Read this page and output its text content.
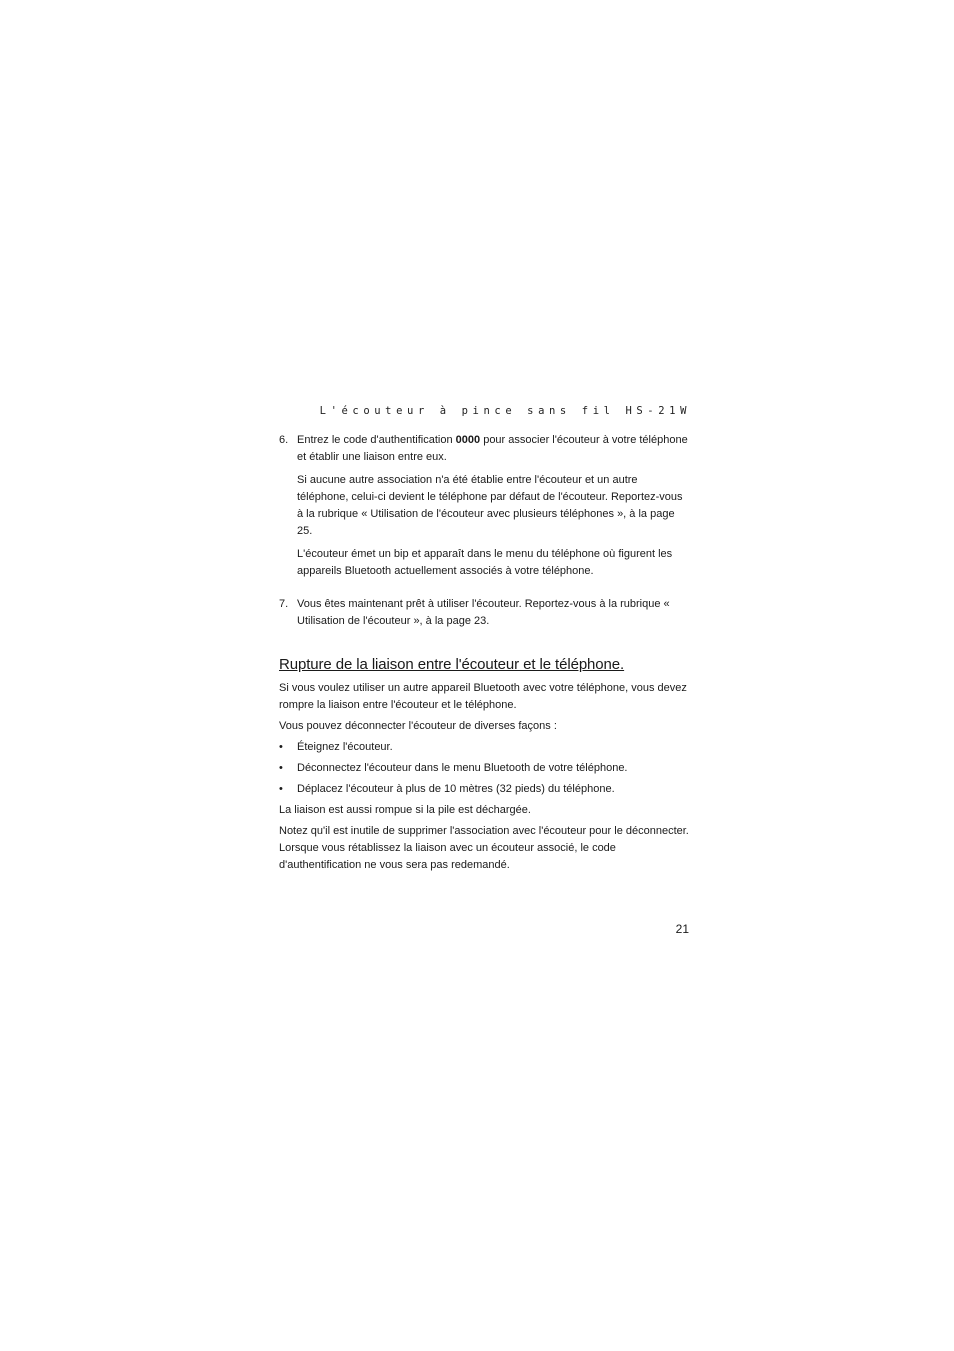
L'écouteur à pince sans fil HS-21W
6. Entrez le code d'authentification 0000 pour associer l'écouteur à votre téléphone et établir une liaison entre eux.

Si aucune autre association n'a été établie entre l'écouteur et un autre téléphone, celui-ci devient le téléphone par défaut de l'écouteur. Reportez-vous à la rubrique « Utilisation de l'écouteur avec plusieurs téléphones », à la page 25.

L'écouteur émet un bip et apparaît dans le menu du téléphone où figurent les appareils Bluetooth actuellement associés à votre téléphone.

7. Vous êtes maintenant prêt à utiliser l'écouteur. Reportez-vous à la rubrique « Utilisation de l'écouteur », à la page 23.

Rupture de la liaison entre l'écouteur et le téléphone.

Si vous voulez utiliser un autre appareil Bluetooth avec votre téléphone, vous devez rompre la liaison entre l'écouteur et le téléphone.

Vous pouvez déconnecter l'écouteur de diverses façons :

•	Éteignez l'écouteur.
•	Déconnectez l'écouteur dans le menu Bluetooth de votre téléphone.
•	Déplacez l'écouteur à plus de 10 mètres (32 pieds) du téléphone.

La liaison est aussi rompue si la pile est déchargée.

Notez qu'il est inutile de supprimer l'association avec l'écouteur pour le déconnecter. Lorsque vous rétablissez la liaison avec un écouteur associé, le code d'authentification ne vous sera pas redemandé.

21
